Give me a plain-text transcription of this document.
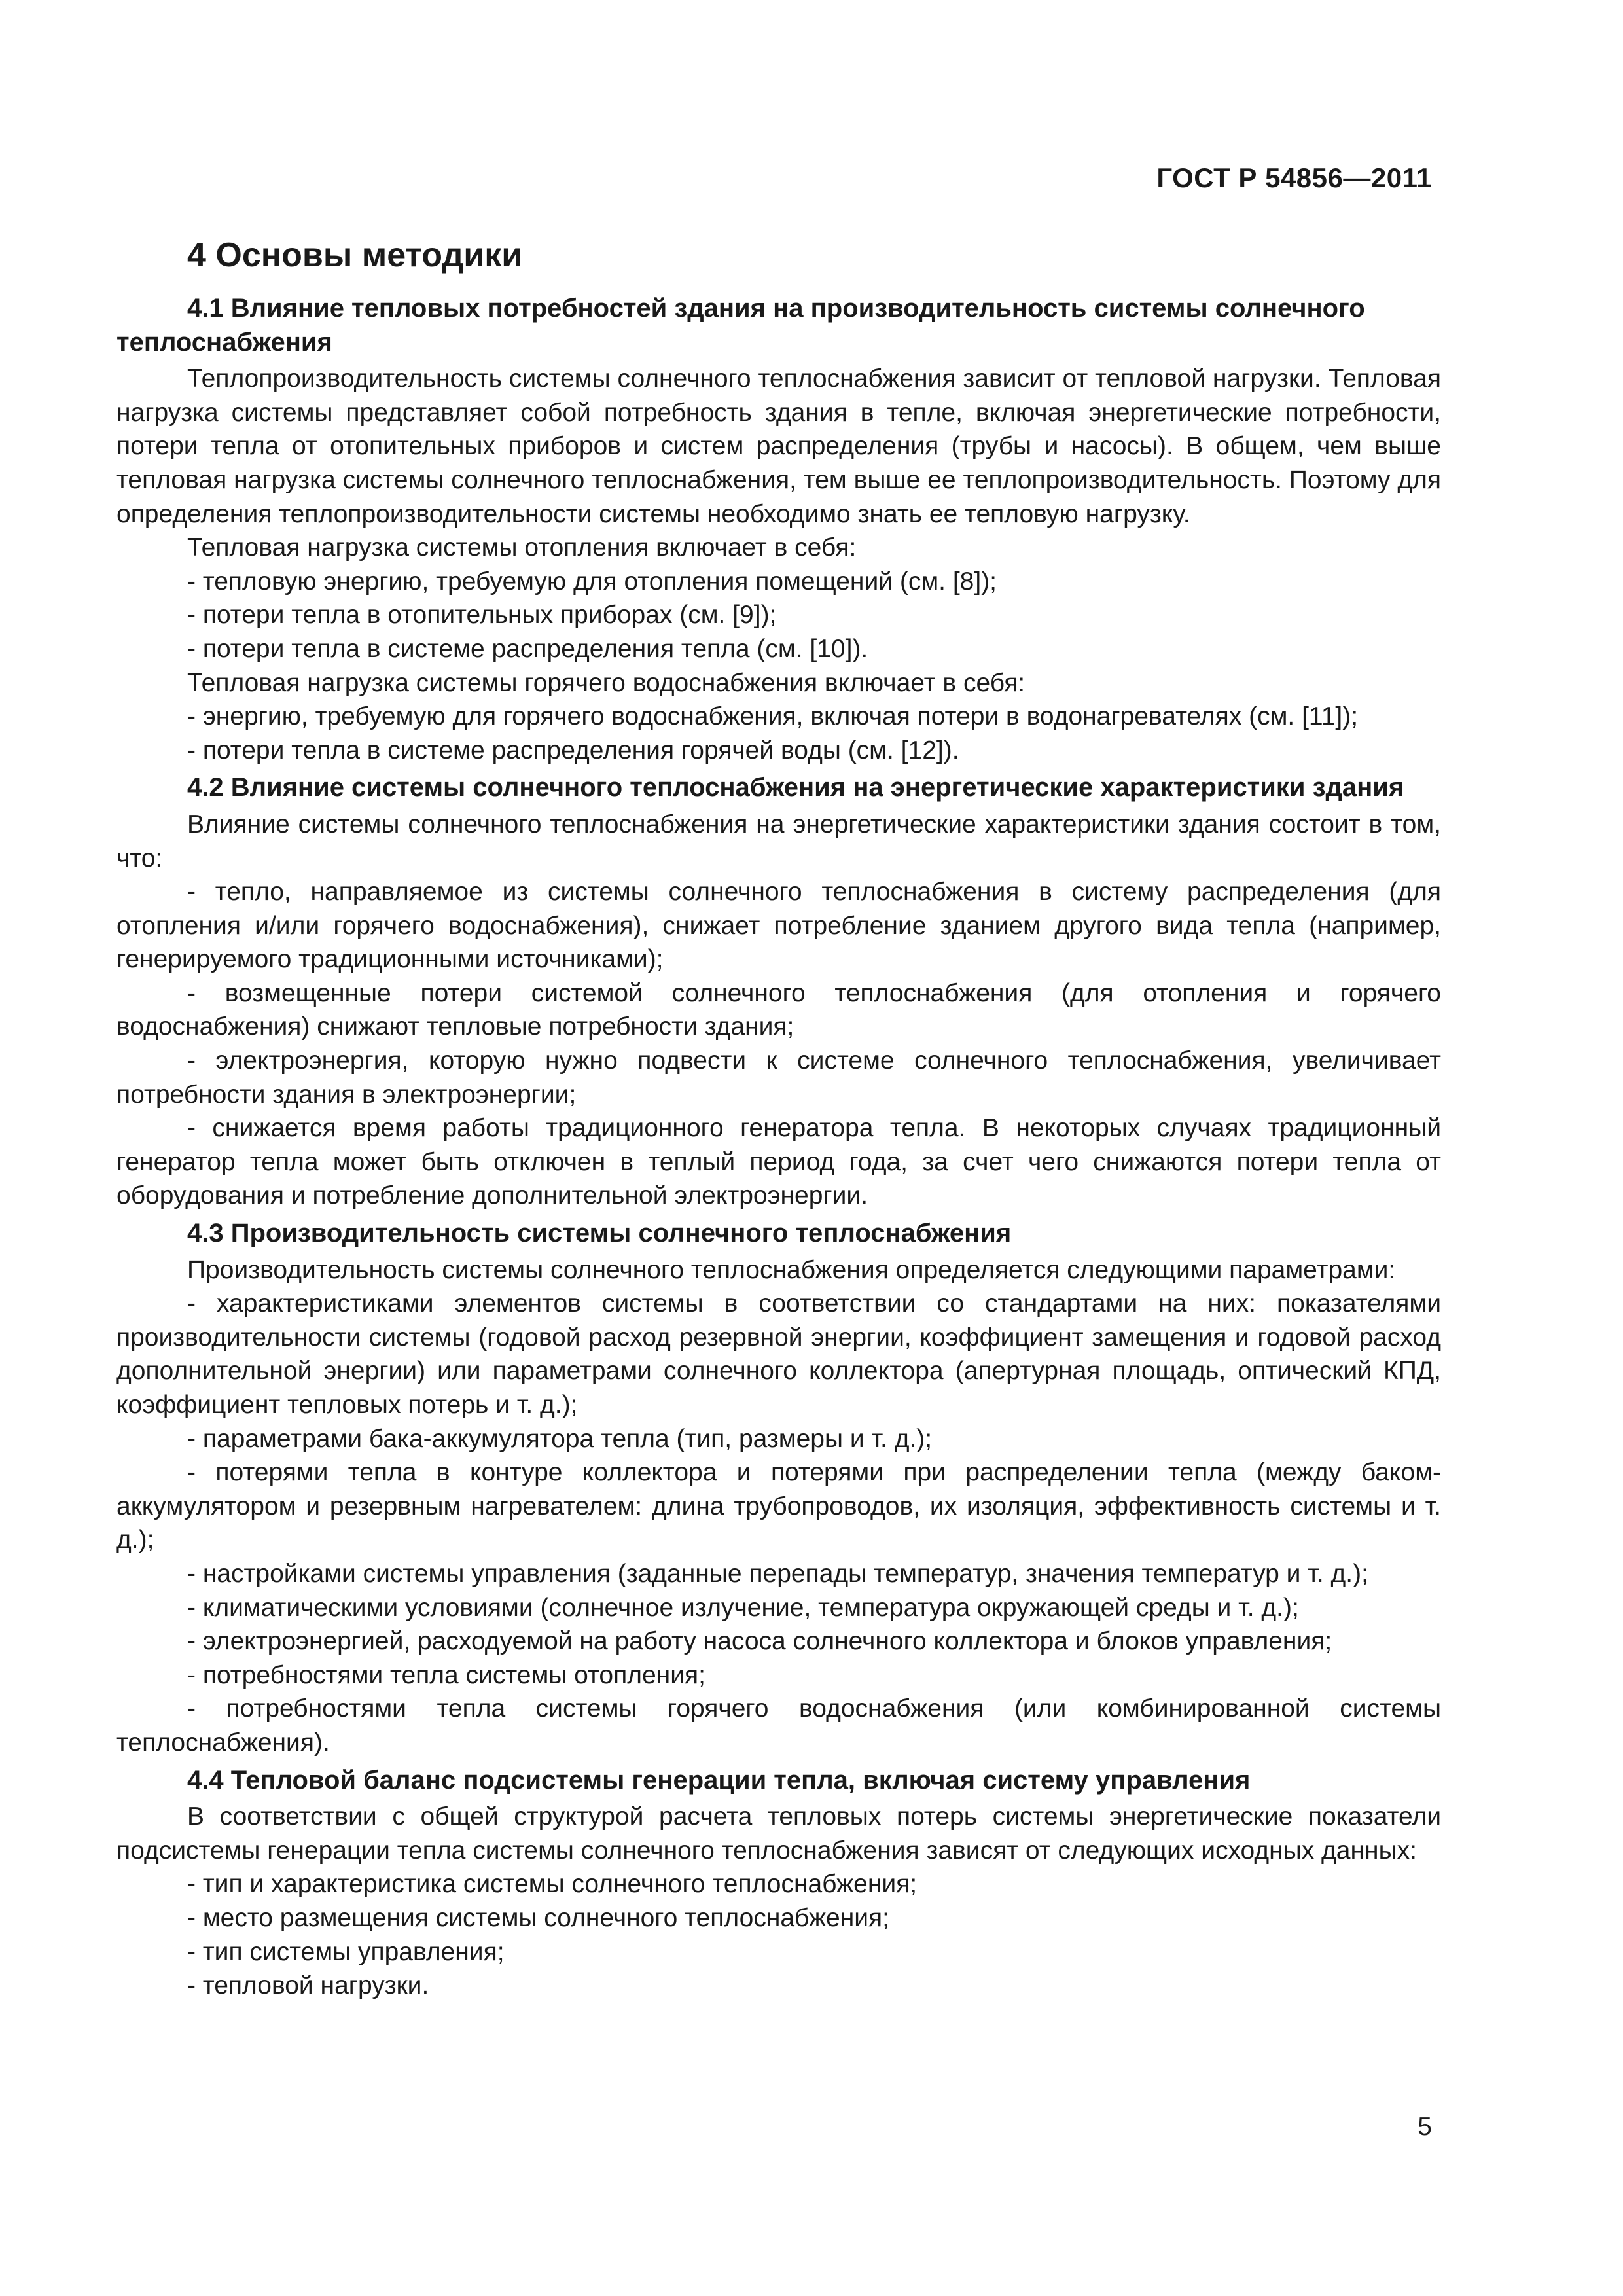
ГОСТ Р 54856—2011
4 Основы методики
4.1 Влияние тепловых потребностей здания на производительность системы солнечного теплоснабжения

Теплопроизводительность системы солнечного теплоснабжения зависит от тепловой нагрузки. Тепловая нагрузка системы представляет собой потребность здания в тепле, включая энергетические потребности, потери тепла от отопительных приборов и систем распределения (трубы и насосы). В общем, чем выше тепловая нагрузка системы солнечного теплоснабжения, тем выше ее теплопроизводительность. Поэтому для определения теплопроизводительности системы необходимо знать ее тепловую нагрузку.

Тепловая нагрузка системы отопления включает в себя:

- тепловую энергию, требуемую для отопления помещений (см. [8]);
- потери тепла в отопительных приборах (см. [9]);
- потери тепла в системе распределения тепла (см. [10]).

Тепловая нагрузка системы горячего водоснабжения включает в себя:

- энергию, требуемую для горячего водоснабжения, включая потери в водонагревателях (см. [11]);
- потери тепла в системе распределения горячей воды (см. [12]).
4.2 Влияние системы солнечного теплоснабжения на энергетические характеристики здания

Влияние системы солнечного теплоснабжения на энергетические характеристики здания состоит в том, что:

- тепло, направляемое из системы солнечного теплоснабжения в систему распределения (для отопления и/или горячего водоснабжения), снижает потребление зданием другого вида тепла (например, генерируемого традиционными источниками);
- возмещенные потери системой солнечного теплоснабжения (для отопления и горячего водоснабжения) снижают тепловые потребности здания;
- электроэнергия, которую нужно подвести к системе солнечного теплоснабжения, увеличивает потребности здания в электроэнергии;
- снижается время работы традиционного генератора тепла. В некоторых случаях традиционный генератор тепла может быть отключен в теплый период года, за счет чего снижаются потери тепла от оборудования и потребление дополнительной электроэнергии.
4.3 Производительность системы солнечного теплоснабжения

Производительность системы солнечного теплоснабжения определяется следующими параметрами:

- характеристиками элементов системы в соответствии со стандартами на них: показателями производительности системы (годовой расход резервной энергии, коэффициент замещения и годовой расход дополнительной энергии) или параметрами солнечного коллектора (апертурная площадь, оптический КПД, коэффициент тепловых потерь и т. д.);
- параметрами бака-аккумулятора тепла (тип, размеры и т. д.);
- потерями тепла в контуре коллектора и потерями при распределении тепла (между баком-аккумулятором и резервным нагревателем: длина трубопроводов, их изоляция, эффективность системы и т. д.);
- настройками системы управления (заданные перепады температур, значения температур и т. д.);
- климатическими условиями (солнечное излучение, температура окружающей среды и т. д.);
- электроэнергией, расходуемой на работу насоса солнечного коллектора и блоков управления;
- потребностями тепла системы отопления;
- потребностями тепла системы горячего водоснабжения (или комбинированной системы теплоснабжения).
4.4 Тепловой баланс подсистемы генерации тепла, включая систему управления

В соответствии с общей структурой расчета тепловых потерь системы энергетические показатели подсистемы генерации тепла системы солнечного теплоснабжения зависят от следующих исходных данных:

- тип и характеристика системы солнечного теплоснабжения;
- место размещения системы солнечного теплоснабжения;
- тип системы управления;
- тепловой нагрузки.
5
